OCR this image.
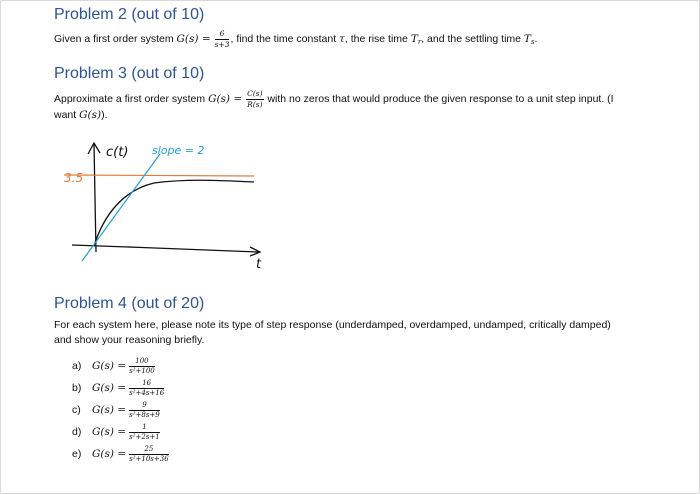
Problem 2 (out of 10)

Given a first order system $G(s) = \frac{6}{s+3}$ , find the time constant τ, the rise time $T_r$, and the settling time $T_s$.

Problem 3 (out of 10)

Approximate a first order system $G(s) = \frac{C(s)}{R(s)}$ with no zeros that would produce the given response to a unit step input. (I
want G(s)).

c(t)
t
3.5
slope = 2
Problem 4 (out of 20)

For each system here, please note its type of step response (underdamped, overdamped, undamped, critically damped)
and show your reasoning briefly.

a)	$G(s) = \frac{100}{\text{s²+100}}$
b)	$G(s) = \frac{16}{\text{s²+4s+16}}$
c)	$G(s) = \frac{9}{\text{s²+8s+9}}$
d)	$G(s) = \frac{1}{\text{s²+2s+1}}$
e)	$G(s) = \frac{25}{\text{s²+10s+36}}$
